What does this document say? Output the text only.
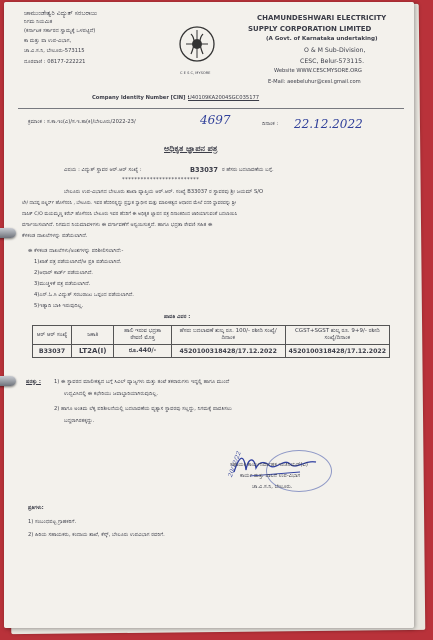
ಚಾಮುಂಡೇಶ್ವರಿ ವಿದ್ಯುತ್ ಸರಬರಾಜು
ನಿಗಮ ನಿಯಮಿತ
(ಕರ್ನಾಟಕ ಸರ್ಕಾರದ ಸ್ವಾಮ್ಯಕ್ಕೆ ಒಳಪಟ್ಟಿದೆ)
ಕಾ ಮತ್ತು ಪಾ ಉಪ-ವಿಭಾಗ,
ಚಾ.ವಿ.ಸ.ನಿ, ಬೇಲೂರು-573115
ದೂರವಾಣಿ : 08177-222221
C E S C, MYSORE
CHAMUNDESHWARI ELECTRICITY
SUPPLY CORPORATION LIMITED
(A Govt. of Karnataka undertaking)
O & M Sub-Division,
CESC, Belur-573115.
Website WWW.CESCMYSORE.ORG
E-Mail: aeebeluhur@cesl.gmail.com
Company Identity Number [CIN] :
U40109KA2004SGC035177
ಕ್ರಮಾಂಕ : ಸ.ಕಾ.ಇಂ(ವಿ)/ಸ.ಇ.ತಾ(ಕಿ)/ಬೇಲೂರು/2022-23/	4697	ದಿನಾಂಕ : 22.12.2022
ಅಧಿಕೃತ ಜ್ಞಾಪನ ಪತ್ರ
ವಿಷಯ : ವಿದ್ಯುತ್ ಸ್ಥಾವರ ಆರ್.ಆರ್ ಸಂಖ್ಯೆ :	B33037 ರ ಹೆಸರು ಬದಲಾವಣೆಯ ಬಗ್ಗೆ.
*************************
ಬೇಲೂರು ಉಪ-ವಿಭಾಗದ ಬೇಲೂರು ಶಾಖಾ ವ್ಯಾಪ್ತಿಯ ಆರ್.ಆರ್. ಸಂಖ್ಯೆ B33037 ರ ಸ್ಥಾವರವು ಶ್ರೀ ಜಯಮ್ S/O
ಲೇ/ ದಾಸಪ್ಪ ಬಿಲ್ಡರ್ಸ್ ಹೊಳೆನರಸಿ , ಬೇಲೂರು. ಇವರ ಹೆಸರಿನಲ್ಲಿದ್ದು ಪ್ರಸ್ತುತ ಸ್ವಾಧೀನ ಮತ್ತು ಮಾಲೀಕತ್ವದ ಆಧಾರದ ಮೇಲೆ ಸದರಿ ಸ್ಥಾವರವನ್ನು ಶ್ರೀ
ದಾಸಿಕ್ C/O ಮಯಮ್ಮಣ್ಣ ಕರೆಬ್ ಹೊಳೆನರಸಿ ಬೇಲೂರು ಇವರ ಹೆಸರಿಗೆ ಈ ಅಧಿಕೃತ ಜ್ಞಾಪನ ಪತ್ರ ದಿನಾಂಕದಿಂದ ಜಾರಿಯಾಗುವಂತೆ ಬದಲಾಯಿಸಿ
ವರ್ಗಾಯಿಸಲಾಗಿದೆ. ನಿಗಮದ ನಿಯಮಾವಳಿಗಳು ಈ ವರ್ಗಾವಣೆಗೆ ಅನ್ವಯಿಸುತ್ತದೆ. ಹಾಗೂ ಭದ್ರತಾ ಠೇವಣಿ ಸಹಿತ ಈ
ಕೆಳಕಂಡ ದಾಖಲೆಗಳನ್ನು ಪಡೆಯಲಾಗಿದೆ.
ಈ ಕೆಳಕಂಡ ದಾಖಲೆಗಳು/ಅಂಶಗಳನ್ನು ಪರಿಶೀಲಿಸಲಾಗಿದೆ:-
1)ಖಾತೆ ಪತ್ರ ಪಡೆಯಲಾಗಿದೆ/ಆ ಪ್ರತಿ ಪಡೆಯಲಾಗಿದೆ.
2)ಆಧಾರ್ ಕಾರ್ಡ್ ಪಡೆಯಲಾಗಿದೆ.
3)ಮುಚ್ಚಳಿಕೆ ಪತ್ರ ಪಡೆಯಲಾಗಿದೆ.
4)ಎನ್.ಓ.ಸಿ ವಿದ್ಯುತ್ ಸರಬರಾಜು ಒಪ್ಪಂದ ಪಡೆಯಲಾಗಿದೆ.
5)ಇತ್ಯಾದಿ ಬಾಕಿ ಇರುವುದಿಲ್ಲ.
ಪಾವತಿ ವಿವರ :
ಆರ್ ಆರ್ ಸಂಖ್ಯೆ	ಜಕಾತಿ	ಹಾಲಿ ಇರುವ ಭದ್ರತಾ ಠೇವಣಿ ಮೊತ್ತ	ಹೆಸರು ಬದಲಾವಣೆ ಶುಲ್ಕ ರೂ. 100/- ರಶೀದಿ ಸಂಖ್ಯೆ/ದಿನಾಂಕ	CGST+SGST ಶುಲ್ಕ ರೂ. 9+9/- ರಶೀದಿ ಸಂಖ್ಯೆ/ದಿನಾಂಕ
B33037	LT2A(I)	ರೂ.440/-	4520100318428/17.12.2022	4520100318428/17.12.2022
ಷರತ್ತು :	1) ಈ ಸ್ಥಾವರದ ಮಾಲೀಕತ್ವದ ಬಗ್ಗೆ ಸಿವಿಲ್ ವ್ಯಾಜ್ಯಗಳು ಮತ್ತು ತಂಟೆ ತಕರಾರುಗಳು ಇದ್ದಲ್ಲಿ ಹಾಗೂ ಮುಂದೆ
ಉದ್ಭವಿಸಿದಲ್ಲಿ ಈ ಕಛೇರಿಯು ಜವಾಬ್ದಾರಿಯಾಗಿರುವುದಿಲ್ಲ.
2) ಹಾಗೂ ಅಂತಿಮ ಲೆಕ್ಕ ಪರಿಶೀಲನೆಯಲ್ಲಿ ಬದಲಾವಣೆಯ ವ್ಯತ್ಯಾಸ ಸ್ಥಾವರವು ಸಲ್ಲದ್ದು, ನಿಗಮಕ್ಕೆ ಪಾವತಿಸಲು
ಬದ್ಧರಾಗಿರತಕ್ಕದ್ದು.
20/12/22
ಸಹಾಯಕ ಕಾರ್ಯನಿರ್ವಾಹಕ ಇಂಜಿನಿಯರ್(ವಿ)
ಕಾರ್ಯ ಮತ್ತು ಪಾಲನೆ ಉಪ-ವಿಭಾಗ
ಚಾ.ವಿ.ಸ.ನಿ, ಬೇಲೂರು.
ಪ್ರತಿಗಳು:
1) ಸಂಬಂಧಪಟ್ಟ ಗ್ರಾಹಕರಿಗೆ.
2) ಹಿರಿಯ ಸಹಾಯಕರು, ಕಂದಾಯ ಶಾಖೆ, ಕೆಸ್ಕ್, ಬೇಲೂರು ಉಪವಿಭಾಗ ರವರಿಗೆ.
